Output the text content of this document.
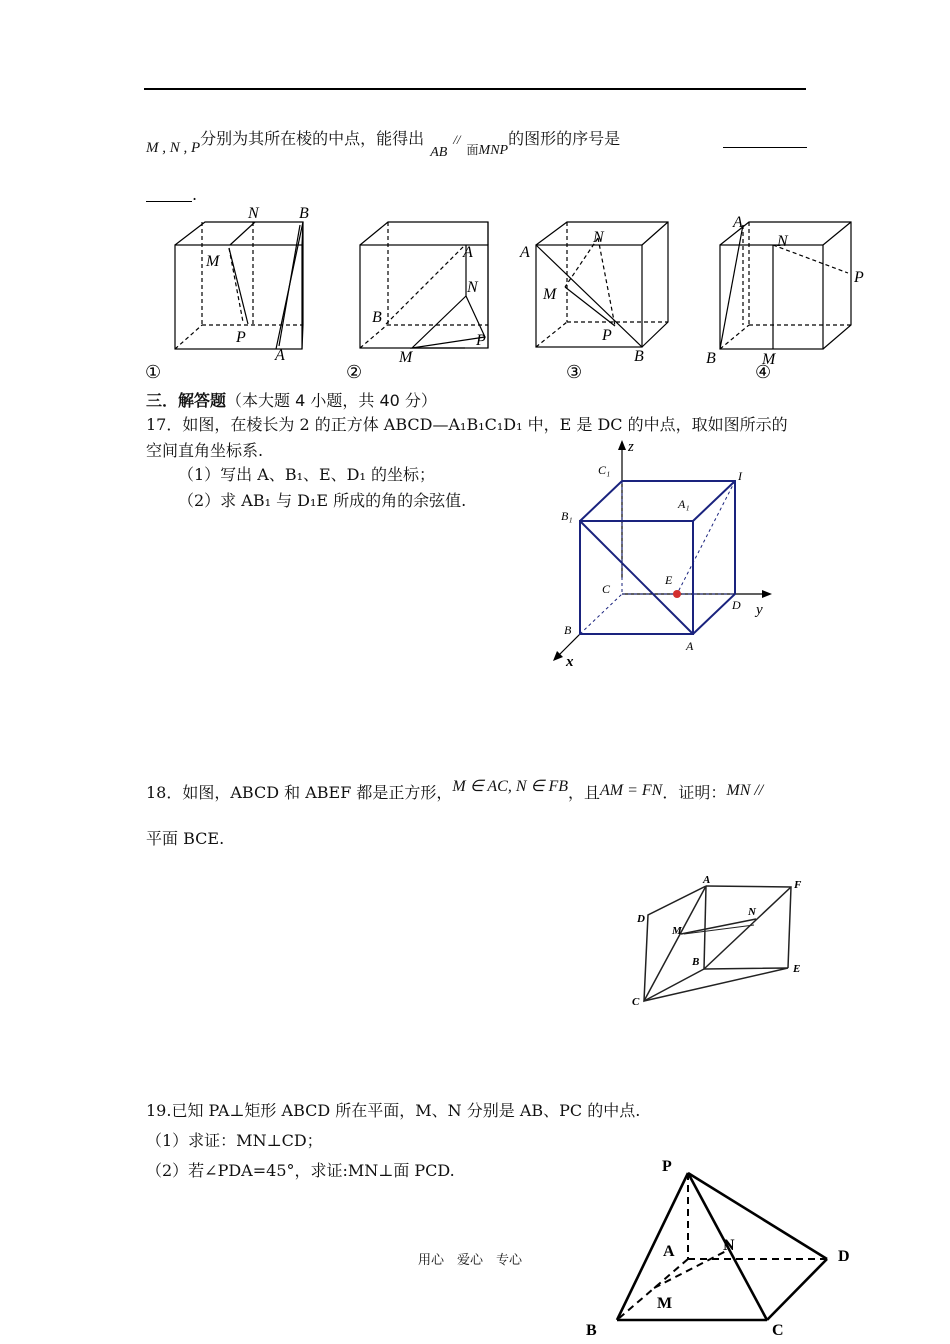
M , N , P分别为其所在棱的中点，能得出$AB//_面MNP$的图形的序号是
.
N	B
M
P
A
A
N
B
M
P
A
N
M
P
B
A
N
P
B	M
①	②	③	④
三．解答题（本大题 4 小题，共 40 分）
17．如图，在棱长为 2 的正方体 ABCD—A₁B₁C₁D₁ 中，E 是 DC 的中点，取如图所示的
空间直角坐标系.
（1）写出 A、B₁、E、D₁ 的坐标；
（2）求 AB₁ 与 D₁E 所成的角的余弦值.
z
y
x
C₁	I
A₁
B₁
C
E
D
B
A
18．如图，ABCD 和 ABEF 都是正方形，M ∈ AC, N ∈ FB，且AM = FN．证明：MN //
平面 BCE.
A	F
D
M
N
B
E
C
19.已知 PA⊥矩形 ABCD 所在平面，M、N 分别是 AB、PC 的中点.
（1）求证：MN⊥CD；
（2）若∠PDA=45°，求证:MN⊥面 PCD.	P
A	N
D
M
B	C
用心　爱心　专心
